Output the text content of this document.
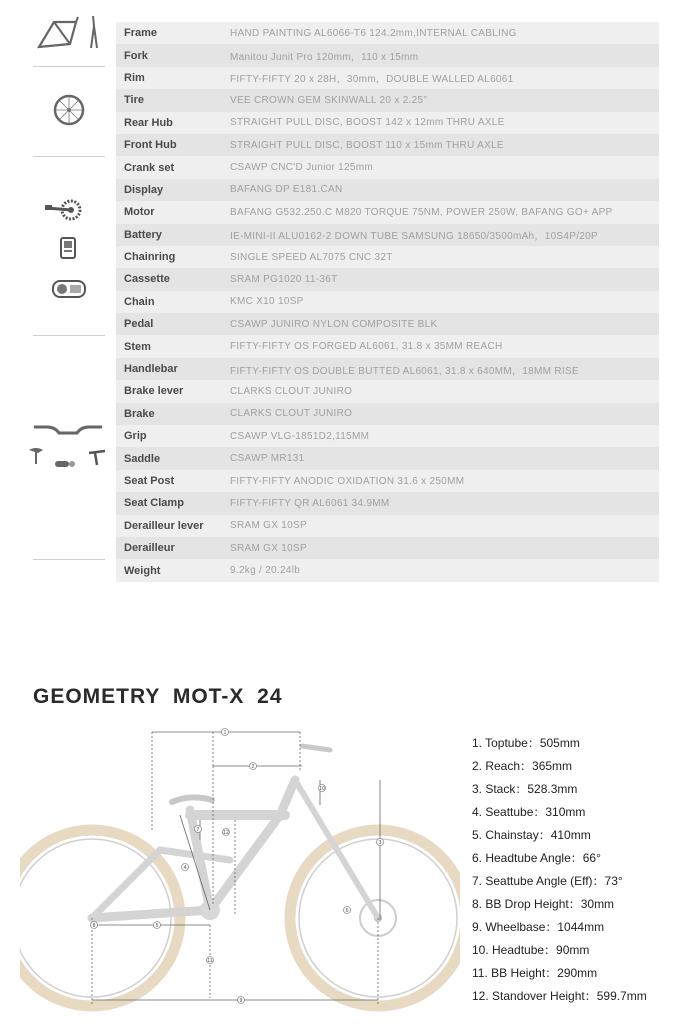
Frame	HAND PAINTING AL6066-T6 124.2mm,INTERNAL CABLING
Fork	Manitou Junit Pro 120mm，110 x 15mm
Rim	FIFTY-FIFTY 20 x 28H，30mm，DOUBLE WALLED AL6061
Tire	VEE CROWN GEM SKINWALL 20 x 2.25"
Rear Hub	STRAIGHT PULL DISC, BOOST 142 x 12mm THRU AXLE
Front Hub	STRAIGHT PULL DISC, BOOST 110 x 15mm THRU AXLE
Crank set	CSAWP CNC'D Junior 125mm
Display	BAFANG DP E181.CAN
Motor	BAFANG G532.250.C M820 TORQUE 75NM, POWER 250W, BAFANG GO+ APP
Battery	IE-MINI-II ALU0162-2 DOWN TUBE SAMSUNG 18650/3500mAh，10S4P/20P
Chainring	SINGLE SPEED AL7075 CNC 32T
Cassette	SRAM PG1020 11-36T
Chain	KMC X10 10SP
Pedal	CSAWP JUNIRO NYLON COMPOSITE BLK
Stem	FIFTY-FIFTY OS FORGED AL6061, 31.8 x 35MM REACH
Handlebar	FIFTY-FIFTY OS DOUBLE BUTTED AL6061, 31.8 x 640MM，18MM RISE
Brake lever	CLARKS CLOUT JUNIRO
Brake	CLARKS CLOUT JUNIRO
Grip	CSAWP VLG-1851D2,115MM
Saddle	CSAWP MR131
Seat Post	FIFTY-FIFTY ANODIC OXIDATION 31.6 x 250MM
Seat Clamp	FIFTY-FIFTY QR AL6061 34.9MM
Derailleur lever	SRAM GX 10SP
Derailleur	SRAM GX 10SP
Weight	9.2kg / 20.24lb
GEOMETRY MOT-X 24
1
2
3
4
5
6
7
8
9
10
11
12
1. Toptube：505mm
2. Reach：365mm
3. Stack：528.3mm
4. Seattube：310mm
5. Chainstay：410mm
6. Headtube Angle：66°
7. Seattube Angle (Eff)：73°
8. BB Drop Height：30mm
9. Wheelbase：1044mm
10. Headtube：90mm
11. BB Height：290mm
12. Standover Height：599.7mm
